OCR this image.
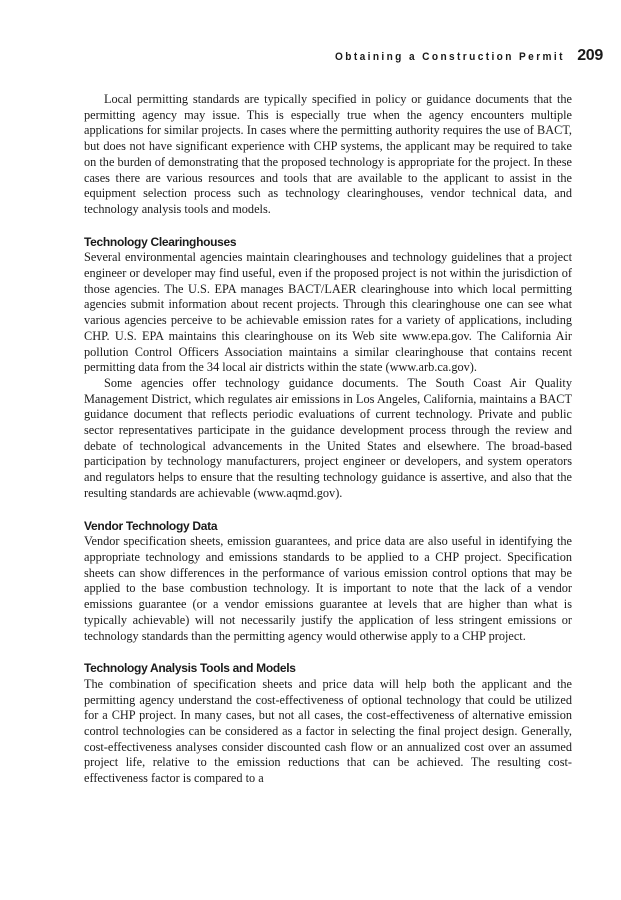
Obtaining a Construction Permit 209

Local permitting standards are typically specified in policy or guidance documents that the permitting agency may issue. This is especially true when the agency encounters multiple applications for similar projects. In cases where the permitting authority requires the use of BACT, but does not have significant experience with CHP systems, the applicant may be required to take on the burden of demonstrating that the proposed technology is appropriate for the project. In these cases there are various resources and tools that are available to the applicant to assist in the equipment selection process such as technology clearinghouses, vendor technical data, and technology analysis tools and models.

Technology Clearinghouses

Several environmental agencies maintain clearinghouses and technology guidelines that a project engineer or developer may find useful, even if the proposed project is not within the jurisdiction of those agencies. The U.S. EPA manages BACT/LAER clearinghouse into which local permitting agencies submit information about recent projects. Through this clearinghouse one can see what various agencies perceive to be achievable emission rates for a variety of applications, including CHP. U.S. EPA maintains this clearinghouse on its Web site www.epa.gov. The California Air pollution Control Officers Association maintains a similar clearinghouse that contains recent permitting data from the 34 local air districts within the state (www.arb.ca.gov).

Some agencies offer technology guidance documents. The South Coast Air Quality Management District, which regulates air emissions in Los Angeles, California, maintains a BACT guidance document that reflects periodic evaluations of current technology. Private and public sector representatives participate in the guidance development process through the review and debate of technological advancements in the United States and elsewhere. The broad-based participation by technology manufacturers, project engineer or developers, and system operators and regulators helps to ensure that the resulting technology guidance is assertive, and also that the resulting standards are achievable (www.aqmd.gov).

Vendor Technology Data

Vendor specification sheets, emission guarantees, and price data are also useful in identifying the appropriate technology and emissions standards to be applied to a CHP project. Specification sheets can show differences in the performance of various emission control options that may be applied to the base combustion technology. It is important to note that the lack of a vendor emissions guarantee (or a vendor emissions guarantee at levels that are higher than what is typically achievable) will not necessarily justify the application of less stringent emissions or technology standards than the permitting agency would otherwise apply to a CHP project.

Technology Analysis Tools and Models

The combination of specification sheets and price data will help both the applicant and the permitting agency understand the cost-effectiveness of optional technology that could be utilized for a CHP project. In many cases, but not all cases, the cost-effectiveness of alternative emission control technologies can be considered as a factor in selecting the final project design. Generally, cost-effectiveness analyses consider discounted cash flow or an annualized cost over an assumed project life, relative to the emission reductions that can be achieved. The resulting cost-effectiveness factor is compared to a
